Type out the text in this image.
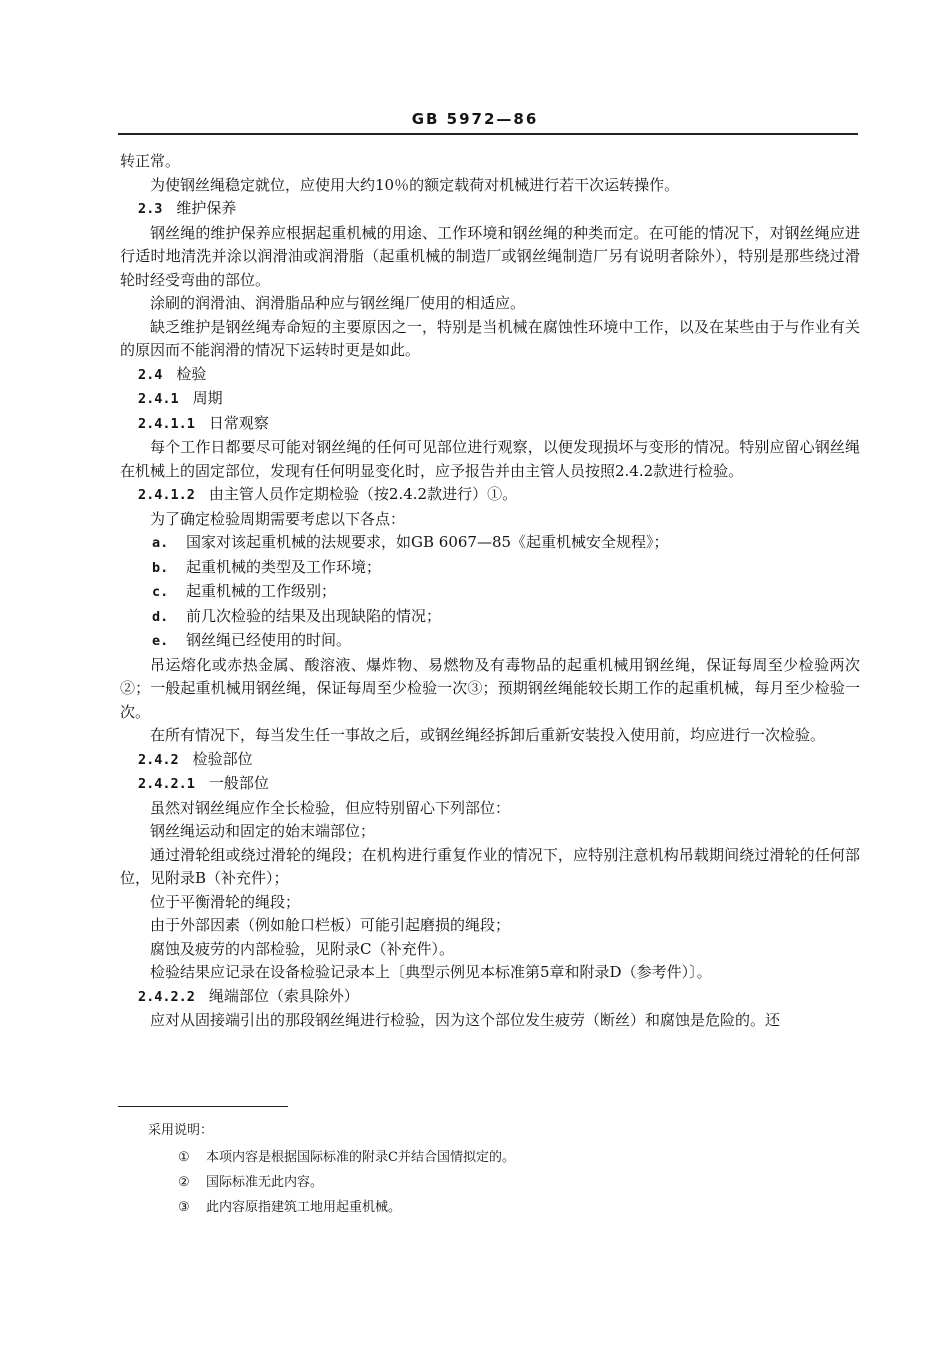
GB 5972—86

转正常。

为使钢丝绳稳定就位，应使用大约10％的额定载荷对机械进行若干次运转操作。

2.3 维护保养

钢丝绳的维护保养应根据起重机械的用途、工作环境和钢丝绳的种类而定。在可能的情况下，对钢丝绳应进行适时地清洗并涂以润滑油或润滑脂（起重机械的制造厂或钢丝绳制造厂另有说明者除外），特别是那些绕过滑轮时经受弯曲的部位。

涂刷的润滑油、润滑脂品种应与钢丝绳厂使用的相适应。

缺乏维护是钢丝绳寿命短的主要原因之一，特别是当机械在腐蚀性环境中工作，以及在某些由于与作业有关的原因而不能润滑的情况下运转时更是如此。

2.4 检验

2.4.1 周期

2.4.1.1 日常观察

每个工作日都要尽可能对钢丝绳的任何可见部位进行观察，以便发现损坏与变形的情况。特别应留心钢丝绳在机械上的固定部位，发现有任何明显变化时，应予报告并由主管人员按照2.4.2款进行检验。

2.4.1.2 由主管人员作定期检验（按2.4.2款进行）①。

为了确定检验周期需要考虑以下各点：

a. 国家对该起重机械的法规要求，如GB 6067—85《起重机械安全规程》；

b. 起重机械的类型及工作环境；

c. 起重机械的工作级别；

d. 前几次检验的结果及出现缺陷的情况；

e. 钢丝绳已经使用的时间。

吊运熔化或赤热金属、酸溶液、爆炸物、易燃物及有毒物品的起重机械用钢丝绳，保证每周至少检验两次②；一般起重机械用钢丝绳，保证每周至少检验一次③；预期钢丝绳能较长期工作的起重机械，每月至少检验一次。

在所有情况下，每当发生任一事故之后，或钢丝绳经拆卸后重新安装投入使用前，均应进行一次检验。

2.4.2 检验部位

2.4.2.1 一般部位

虽然对钢丝绳应作全长检验，但应特别留心下列部位：

钢丝绳运动和固定的始末端部位；

通过滑轮组或绕过滑轮的绳段；在机构进行重复作业的情况下，应特别注意机构吊载期间绕过滑轮的任何部位，见附录B（补充件）；

位于平衡滑轮的绳段；

由于外部因素（例如舱口栏板）可能引起磨损的绳段；

腐蚀及疲劳的内部检验，见附录C（补充件）。

检验结果应记录在设备检验记录本上〔典型示例见本标准第5章和附录D（参考件）〕。

2.4.2.2 绳端部位（索具除外）

应对从固接端引出的那段钢丝绳进行检验，因为这个部位发生疲劳（断丝）和腐蚀是危险的。还

采用说明：
① 本项内容是根据国际标准的附录C并结合国情拟定的。
② 国际标准无此内容。
③ 此内容原指建筑工地用起重机械。
